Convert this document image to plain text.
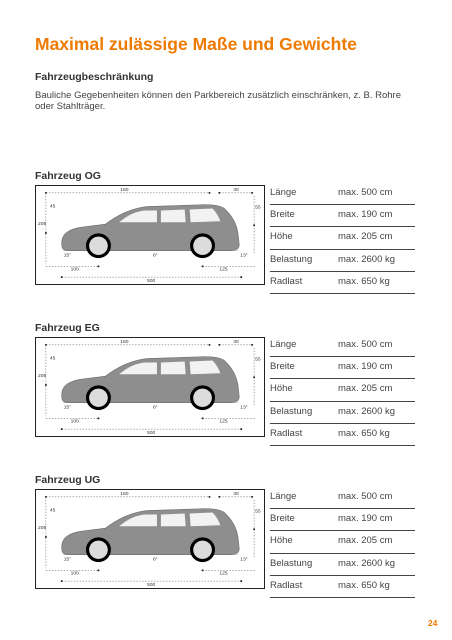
Maximal zulässige Maße und Gewichte
Fahrzeugbeschränkung
Bauliche Gegebenheiten können den Parkbereich zusätzlich einschränken, z. B. Rohre oder Stahlträger.
Fahrzeug OG
160	30
45	55
205
15°	8°	13°
100	125
500
Länge	max. 500 cm
Breite	max. 190 cm
Höhe	max. 205 cm
Belastung	max. 2600 kg
Radlast	max. 650 kg
Fahrzeug EG
160	30
45	55
205
15°	8°	13°
100	125
500
Länge	max. 500 cm
Breite	max. 190 cm
Höhe	max. 205 cm
Belastung	max. 2600 kg
Radlast	max. 650 kg
Fahrzeug UG
160	30
45	55
205
15°	8°	13°
100	125
500
Länge	max. 500 cm
Breite	max. 190 cm
Höhe	max. 205 cm
Belastung	max. 2600 kg
Radlast	max. 650 kg
24
